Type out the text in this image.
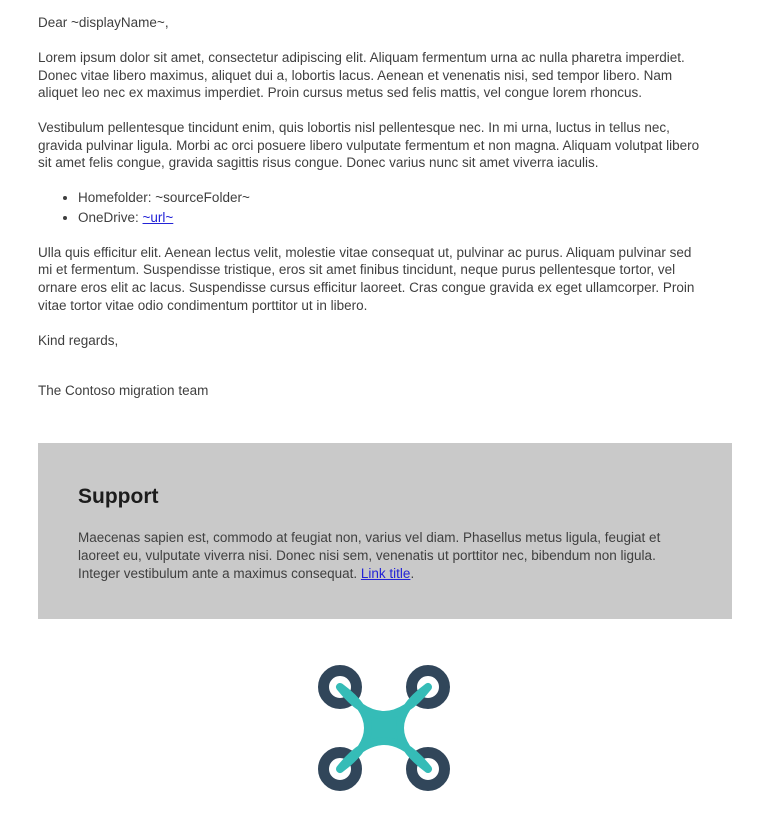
Dear ~displayName~,

Lorem ipsum dolor sit amet, consectetur adipiscing elit. Aliquam fermentum urna ac nulla pharetra imperdiet. Donec vitae libero maximus, aliquet dui a, lobortis lacus. Aenean et venenatis nisi, sed tempor libero. Nam aliquet leo nec ex maximus imperdiet. Proin cursus metus sed felis mattis, vel congue lorem rhoncus.

Vestibulum pellentesque tincidunt enim, quis lobortis nisl pellentesque nec. In mi urna, luctus in tellus nec, gravida pulvinar ligula. Morbi ac orci posuere libero vulputate fermentum et non magna. Aliquam volutpat libero sit amet felis congue, gravida sagittis risus congue. Donec varius nunc sit amet viverra iaculis.

• Homefolder: ~sourceFolder~
• OneDrive: ~url~

Ulla quis efficitur elit. Aenean lectus velit, molestie vitae consequat ut, pulvinar ac purus. Aliquam pulvinar sed mi et fermentum. Suspendisse tristique, eros sit amet finibus tincidunt, neque purus pellentesque tortor, vel ornare eros elit ac lacus. Suspendisse cursus efficitur laoreet. Cras congue gravida ex eget ullamcorper. Proin vitae tortor vitae odio condimentum porttitor ut in libero.

Kind regards,

The Contoso migration team

Support

Maecenas sapien est, commodo at feugiat non, varius vel diam. Phasellus metus ligula, feugiat et laoreet eu, vulputate viverra nisi. Donec nisi sem, venenatis ut porttitor nec, bibendum non ligula. Integer vestibulum ante a maximus consequat. Link title.
